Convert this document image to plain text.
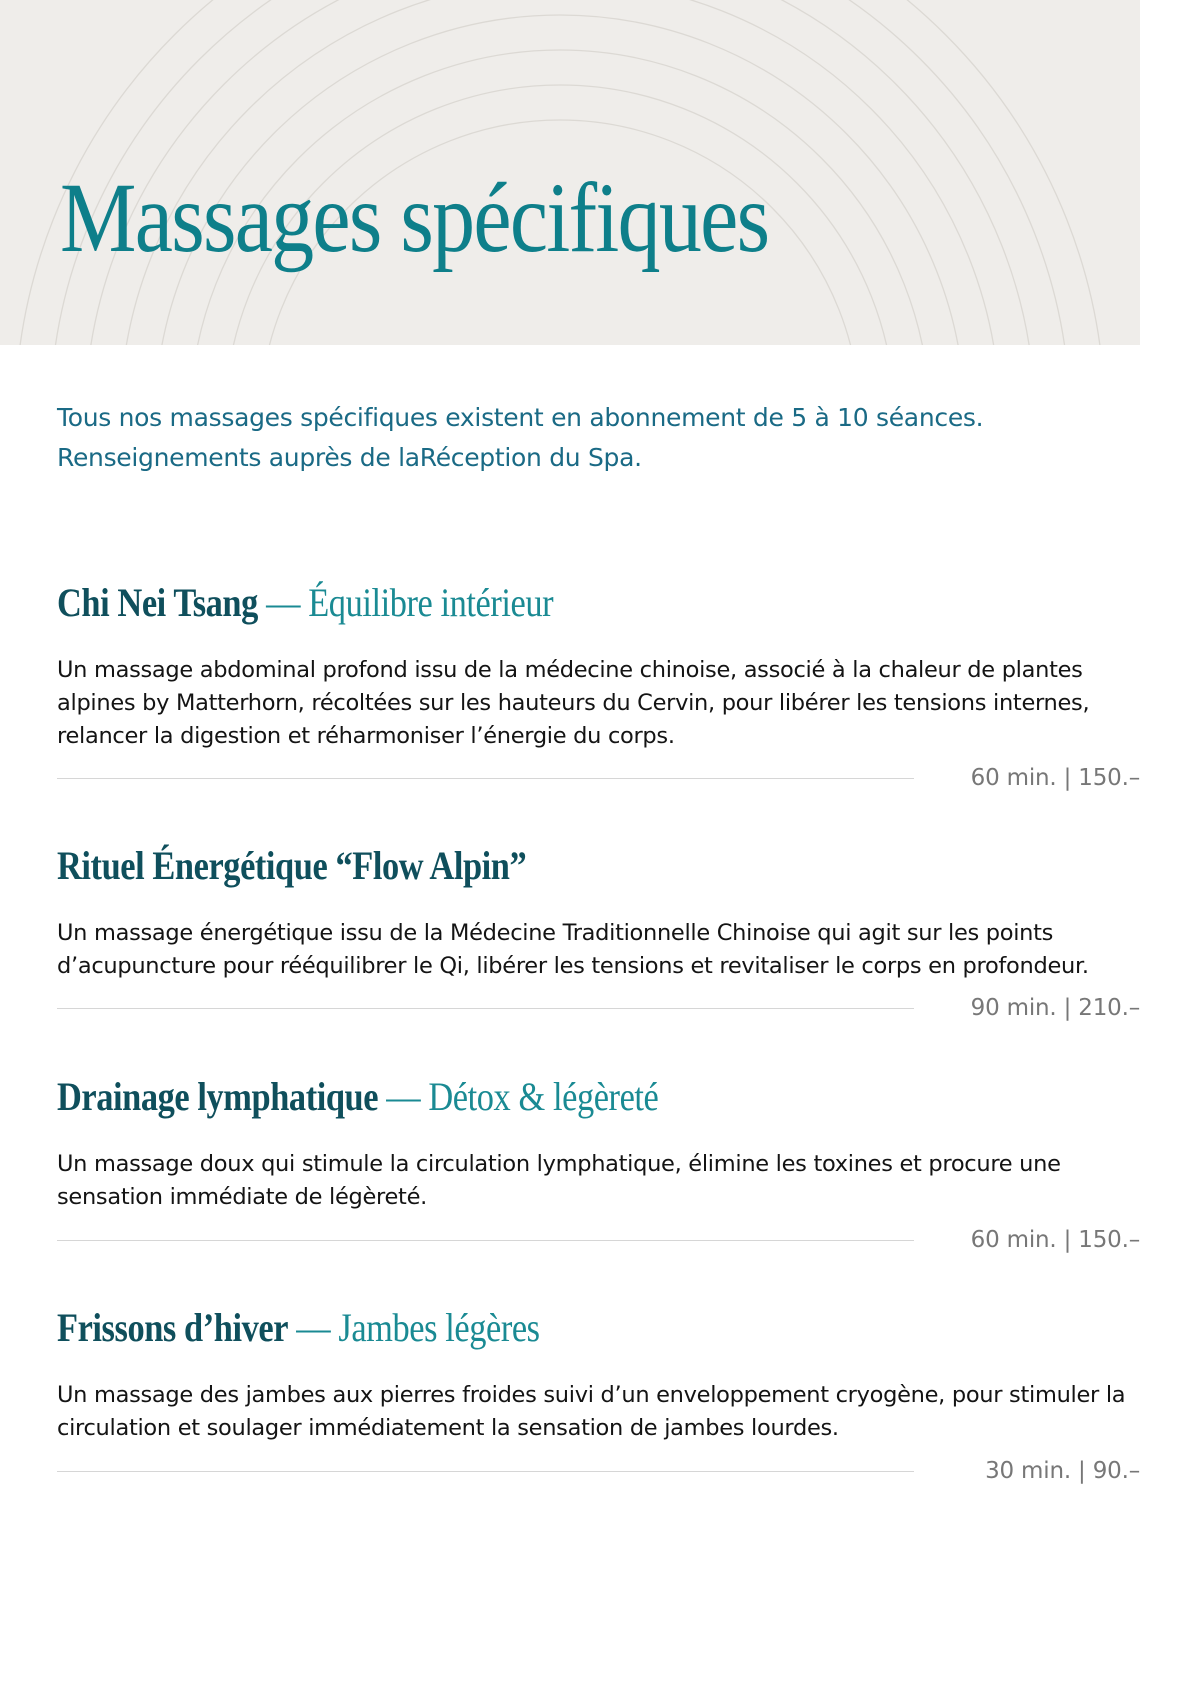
Massages spécifiques

Tous nos massages spécifiques existent en abonnement de 5 à 10 séances.
Renseignements auprès de laRéception du Spa.

Chi Nei Tsang — Équilibre intérieur

Un massage abdominal profond issu de la médecine chinoise, associé à la chaleur de plantes
alpines by Matterhorn, récoltées sur les hauteurs du Cervin, pour libérer les tensions internes,
relancer la digestion et réharmoniser l’énergie du corps.

60 min. | 150.–
Rituel Énergétique “Flow Alpin”

Un massage énergétique issu de la Médecine Traditionnelle Chinoise qui agit sur les points
d’acupuncture pour rééquilibrer le Qi, libérer les tensions et revitaliser le corps en profondeur.

90 min. | 210.–
Drainage lymphatique — Détox & légèreté

Un massage doux qui stimule la circulation lymphatique, élimine les toxines et procure une
sensation immédiate de légèreté.

60 min. | 150.–
Frissons d’hiver — Jambes légères

Un massage des jambes aux pierres froides suivi d’un enveloppement cryogène, pour stimuler la
circulation et soulager immédiatement la sensation de jambes lourdes.

30 min. | 90.–
